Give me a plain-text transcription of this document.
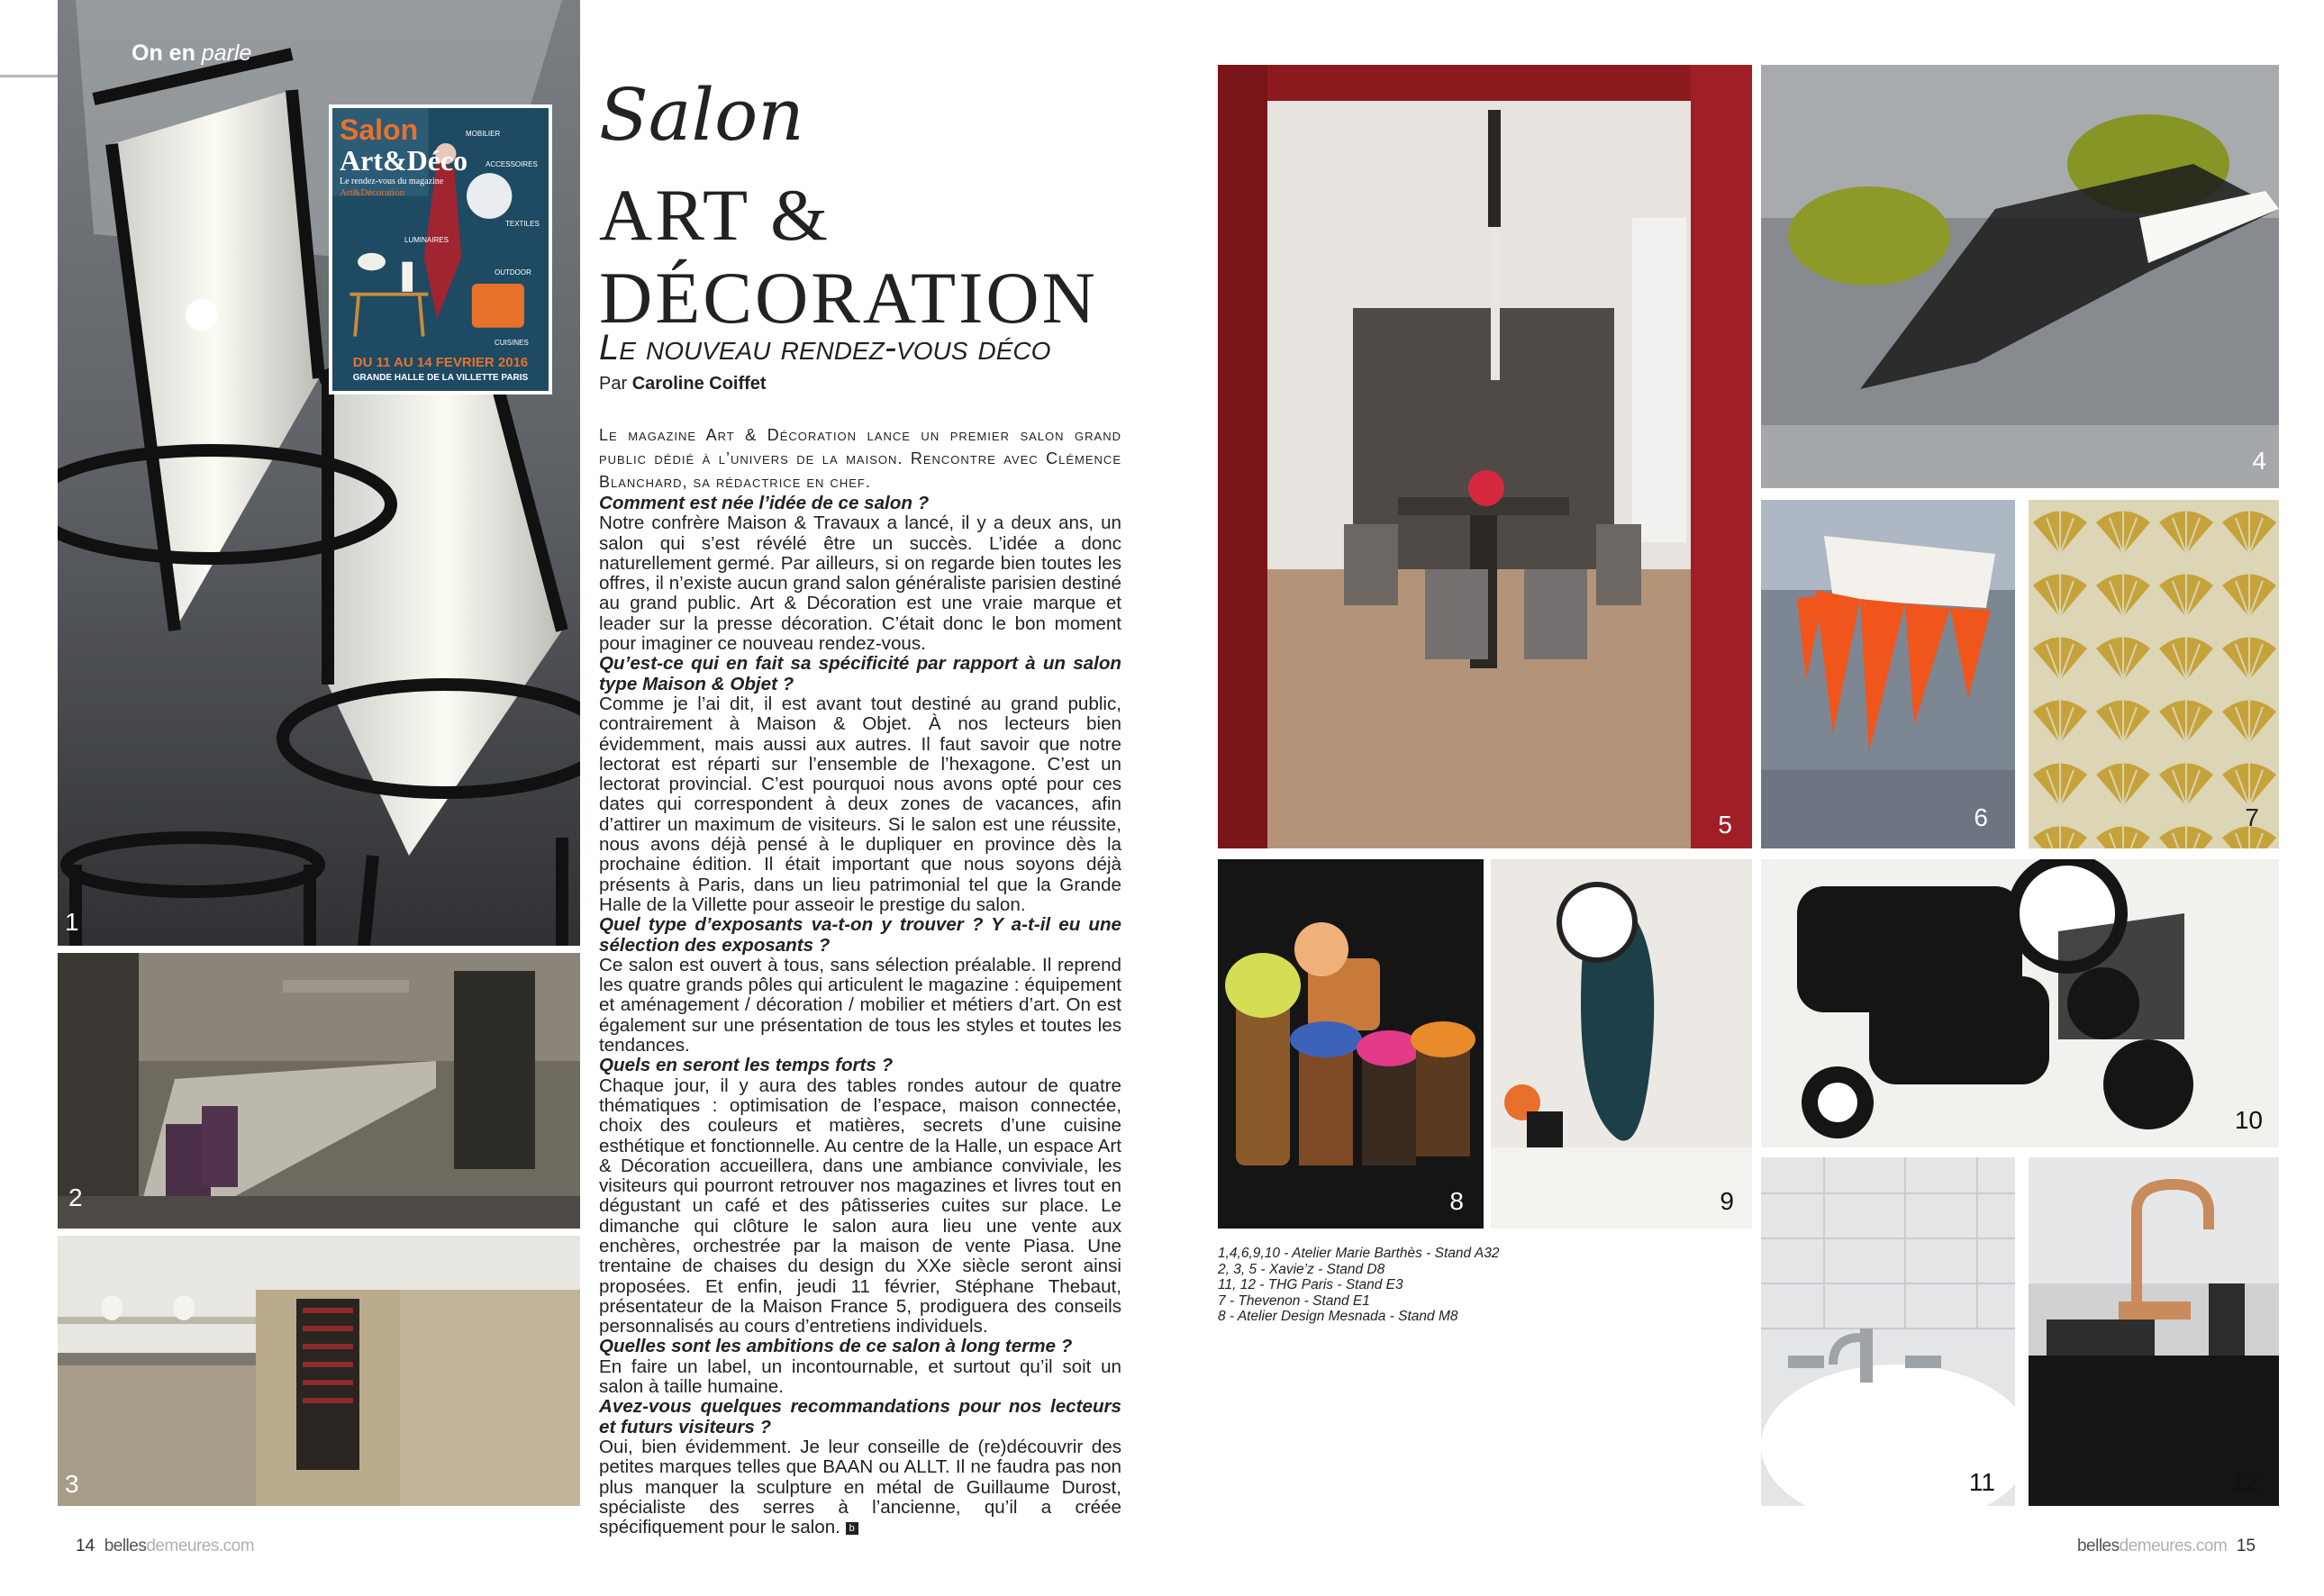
1
On en parle
Salon
Art&Déco
Le rendez-vous du magazine
Art&Décoration
MOBILIER
ACCESSOIRES
TEXTILES
LUMINAIRES
OUTDOOR
CUISINES
DU 11 AU 14 FEVRIER 2016
GRANDE HALLE DE LA VILLETTE PARIS
2
3
Salon
ART &
DÉCORATION
Le nouveau rendez-vous déco
Par Caroline Coiffet

Le magazine Art & Décoration lance un premier salon grand public dédié à l’univers de la maison. Rencontre avec Clémence Blanchard, sa rédactrice en chef.

Comment est née l’idée de ce salon ?

Notre confrère Maison & Travaux a lancé, il y a deux ans, un salon qui s’est révélé être un succès. L’idée a donc naturellement germé. Par ailleurs, si on regarde bien toutes les offres, il n’existe aucun grand salon généraliste parisien destiné au grand public. Art & Décoration est une vraie marque et leader sur la presse décoration. C’était donc le bon moment pour imaginer ce nouveau rendez-vous.

Qu’est-ce qui en fait sa spécificité par rapport à un salon type Maison & Objet ?

Comme je l’ai dit, il est avant tout destiné au grand public, contrairement à Maison & Objet. À nos lecteurs bien évidemment, mais aussi aux autres. Il faut savoir que notre lectorat est réparti sur l’ensemble de l’hexagone. C’est un lectorat provincial. C’est pourquoi nous avons opté pour ces dates qui correspondent à deux zones de vacances, afin d’attirer un maximum de visiteurs. Si le salon est une réussite, nous avons déjà pensé à le dupliquer en province dès la prochaine édition. Il était important que nous soyons déjà présents à Paris, dans un lieu patrimonial tel que la Grande Halle de la Villette pour asseoir le prestige du salon.

Quel type d’exposants va-t-on y trouver ? Y a-t-il eu une sélection des exposants ?

Ce salon est ouvert à tous, sans sélection préalable. Il reprend les quatre grands pôles qui articulent le magazine : équipement et aménagement / décoration / mobilier et métiers d’art. On est également sur une présentation de tous les styles et toutes les tendances.

Quels en seront les temps forts ?

Chaque jour, il y aura des tables rondes autour de quatre thématiques : optimisation de l’espace, maison connectée, choix des couleurs et matières, secrets d’une cuisine esthétique et fonctionnelle. Au centre de la Halle, un espace Art & Décoration accueillera, dans une ambiance conviviale, les visiteurs qui pourront retrouver nos magazines et livres tout en dégustant un café et des pâtisseries cuites sur place. Le dimanche qui clôture le salon aura lieu une vente aux enchères, orchestrée par la maison de vente Piasa. Une trentaine de chaises du design du XXe siècle seront ainsi proposées. Et enfin, jeudi 11 février, Stéphane Thebaut, présentateur de la Maison France 5, prodiguera des conseils personnalisés au cours d’entretiens individuels.

Quelles sont les ambitions de ce salon à long terme ?

En faire un label, un incontournable, et surtout qu’il soit un salon à taille humaine.

Avez-vous quelques recommandations pour nos lecteurs et futurs visiteurs ?

Oui, bien évidemment. Je leur conseille de (re)découvrir des petites marques telles que BAAN ou ALLT. Il ne faudra pas non plus manquer la sculpture en métal de Guillaume Durost, spécialiste des serres à l’ancienne, qu’il a créée spécifiquement pour le salon. b

14 bellesdemeures.com
5
4
6	7
8	9
10
11	12
1,4,6,9,10 - Atelier Marie Barthès - Stand A32
2, 3, 5 - Xavie’z - Stand D8
11, 12 - THG Paris - Stand E3
7 - Thevenon - Stand E1
8 - Atelier Design Mesnada - Stand M8
bellesdemeures.com 15
